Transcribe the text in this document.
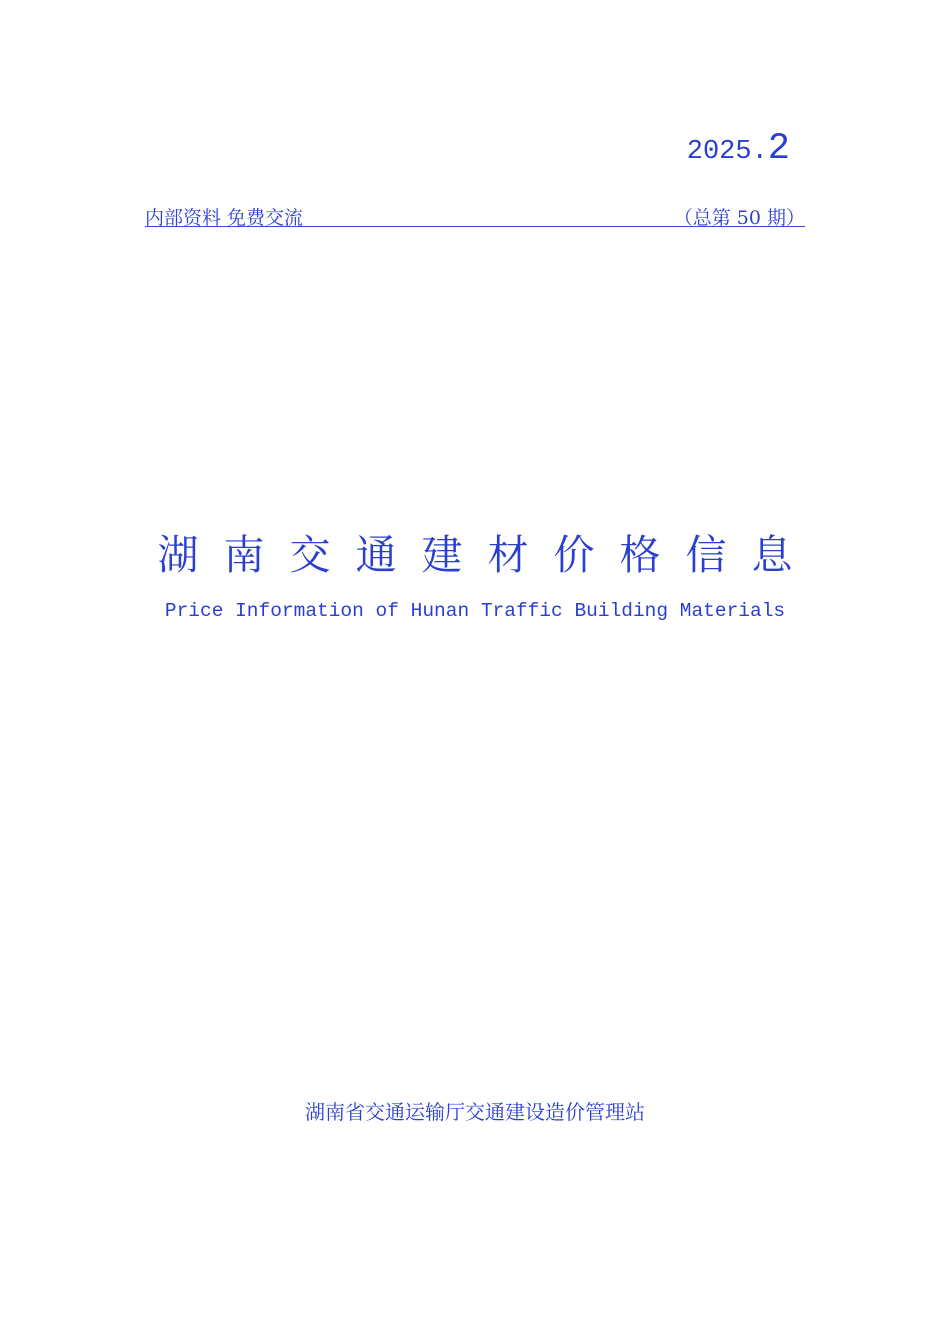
2025.2
内部资料 免费交流	（总第 50 期）
湖南交通建材价格信息
Price Information of Hunan Traffic Building Materials
湖南省交通运输厅交通建设造价管理站
